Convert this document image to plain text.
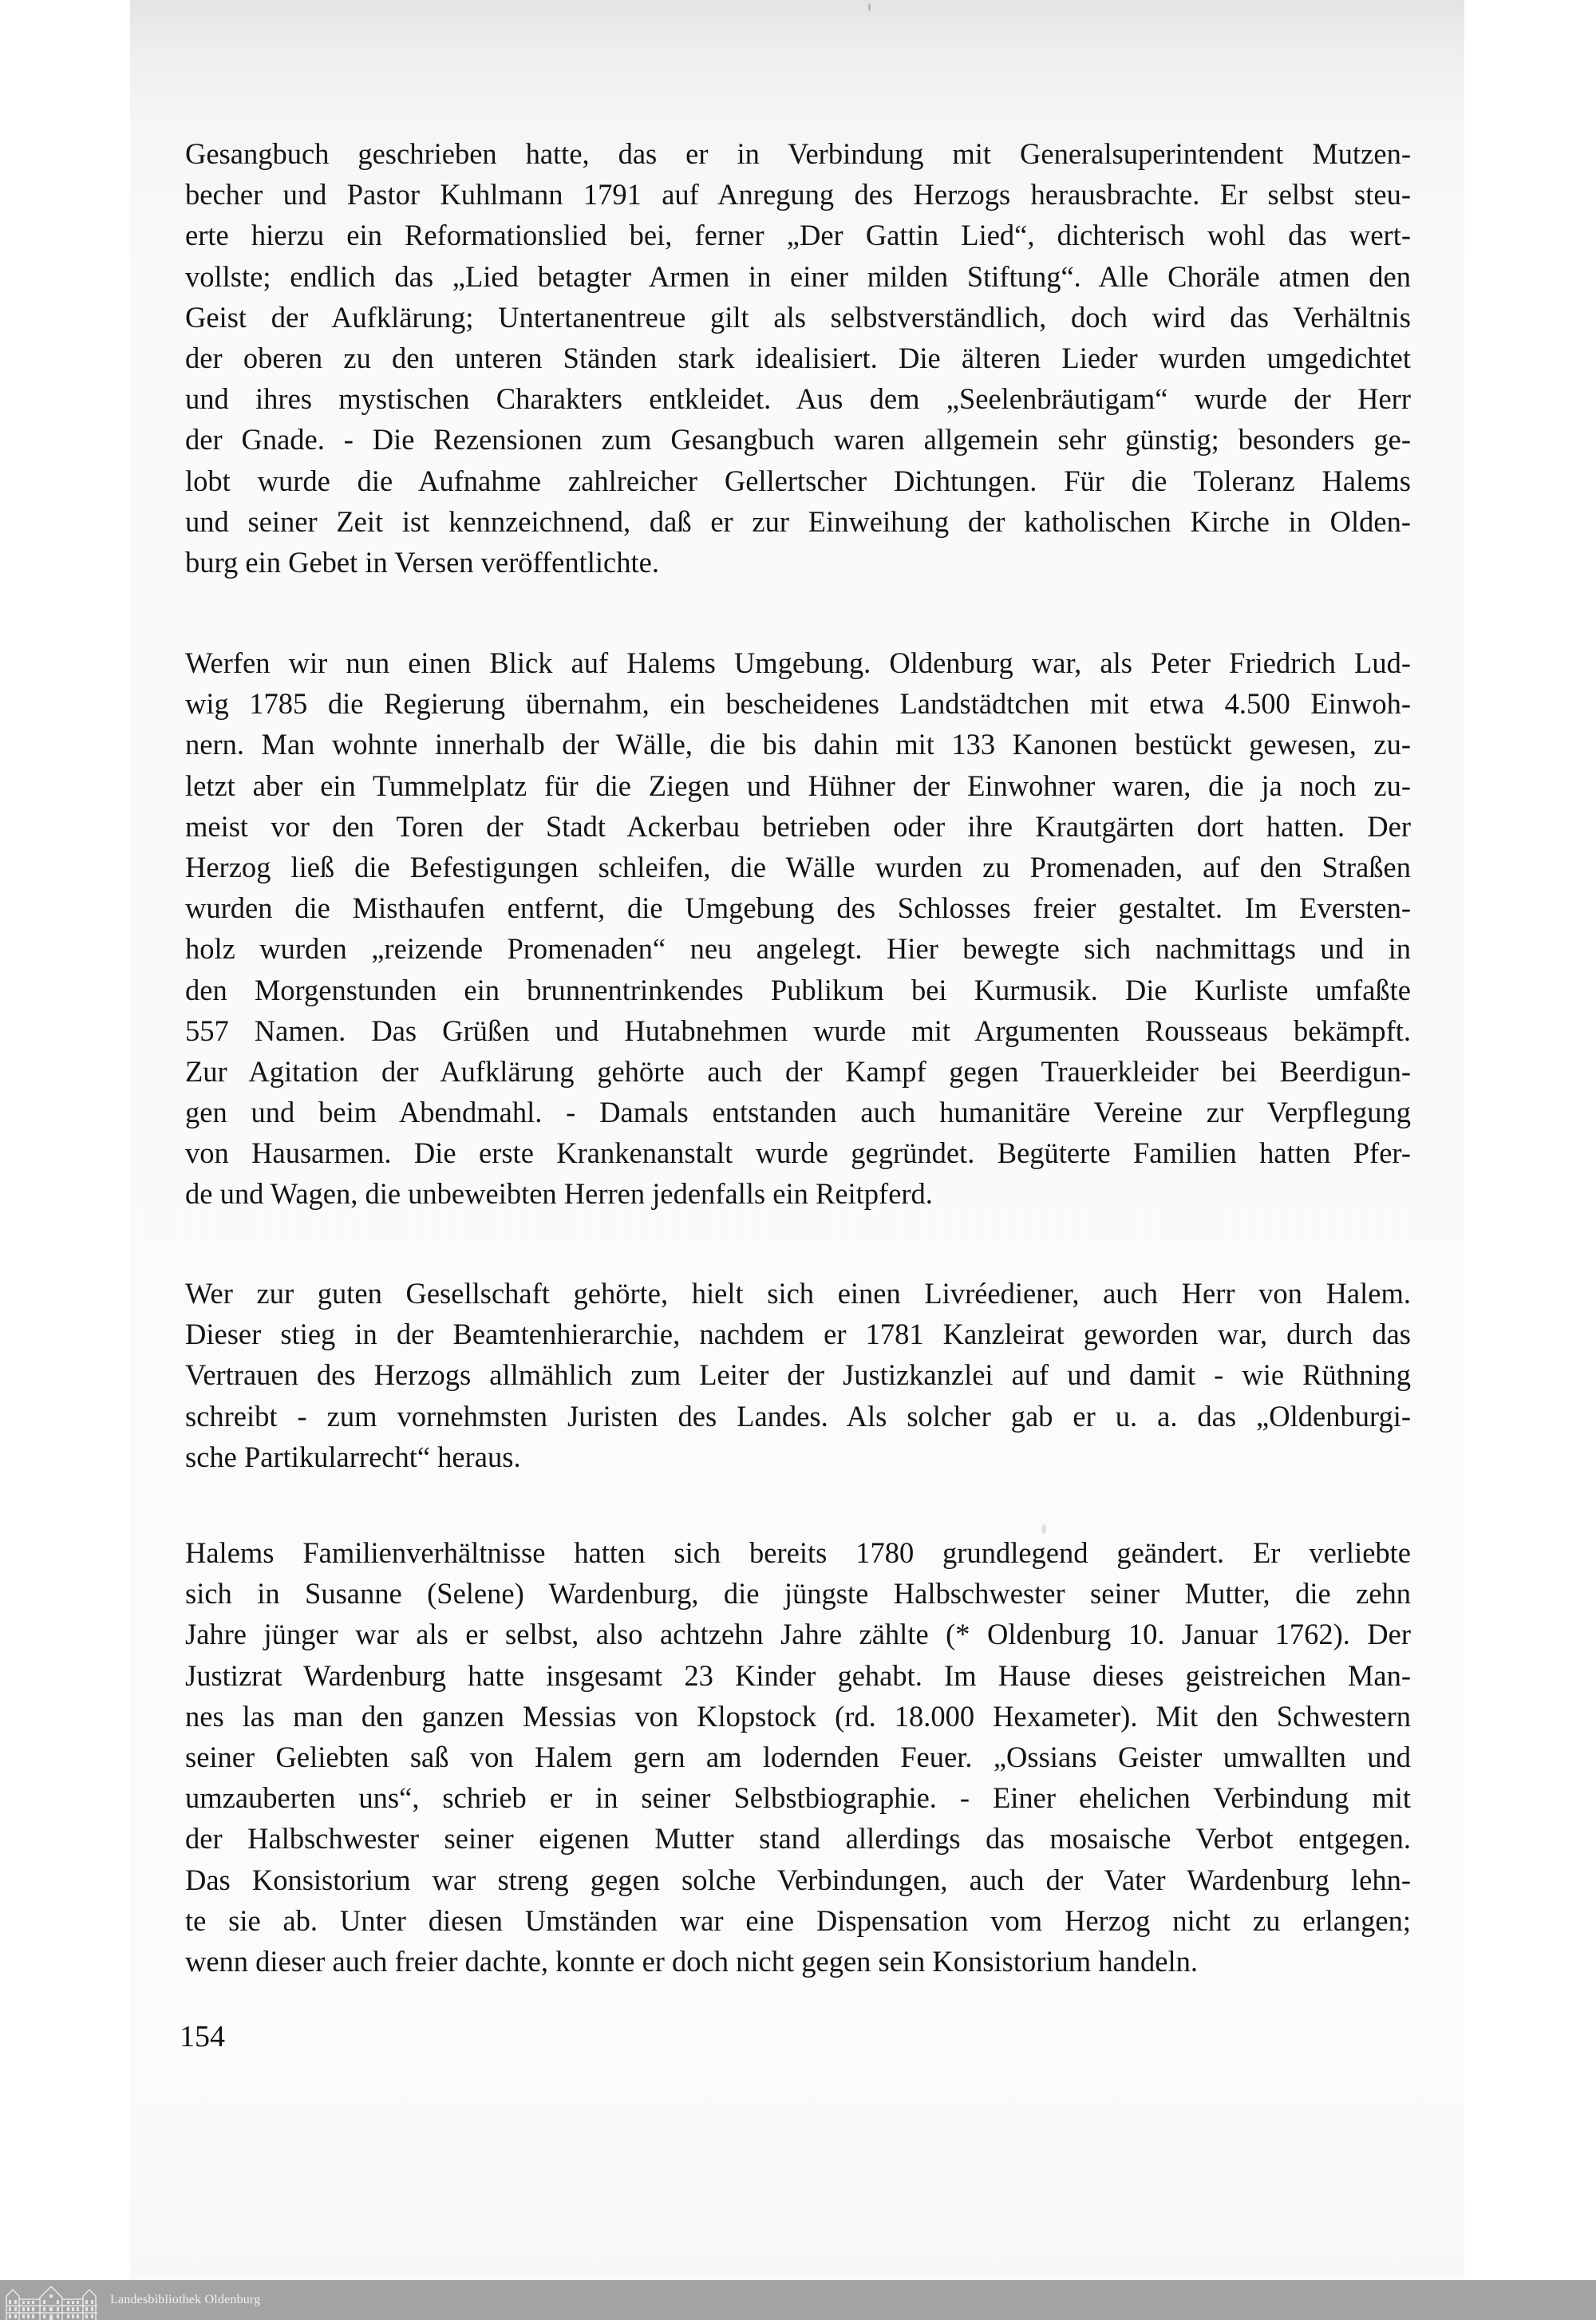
Gesangbuch geschrieben hatte, das er in Verbindung mit Generalsuperintendent Mutzen-
becher und Pastor Kuhlmann 1791 auf Anregung des Herzogs herausbrachte. Er selbst steu-
erte hierzu ein Reformationslied bei, ferner „Der Gattin Lied“, dichterisch wohl das wert-
vollste; endlich das „Lied betagter Armen in einer milden Stiftung“. Alle Choräle atmen den
Geist der Aufklärung; Untertanentreue gilt als selbstverständlich, doch wird das Verhältnis
der oberen zu den unteren Ständen stark idealisiert. Die älteren Lieder wurden umgedichtet
und ihres mystischen Charakters entkleidet. Aus dem „Seelenbräutigam“ wurde der Herr
der Gnade. - Die Rezensionen zum Gesangbuch waren allgemein sehr günstig; besonders ge-
lobt wurde die Aufnahme zahlreicher Gellertscher Dichtungen. Für die Toleranz Halems
und seiner Zeit ist kennzeichnend, daß er zur Einweihung der katholischen Kirche in Olden-
burg ein Gebet in Versen veröffentlichte.
Werfen wir nun einen Blick auf Halems Umgebung. Oldenburg war, als Peter Friedrich Lud-
wig 1785 die Regierung übernahm, ein bescheidenes Landstädtchen mit etwa 4.500 Einwoh-
nern. Man wohnte innerhalb der Wälle, die bis dahin mit 133 Kanonen bestückt gewesen, zu-
letzt aber ein Tummelplatz für die Ziegen und Hühner der Einwohner waren, die ja noch zu-
meist vor den Toren der Stadt Ackerbau betrieben oder ihre Krautgärten dort hatten. Der
Herzog ließ die Befestigungen schleifen, die Wälle wurden zu Promenaden, auf den Straßen
wurden die Misthaufen entfernt, die Umgebung des Schlosses freier gestaltet. Im Eversten-
holz wurden „reizende Promenaden“ neu angelegt. Hier bewegte sich nachmittags und in
den Morgenstunden ein brunnentrinkendes Publikum bei Kurmusik. Die Kurliste umfaßte
557 Namen. Das Grüßen und Hutabnehmen wurde mit Argumenten Rousseaus bekämpft.
Zur Agitation der Aufklärung gehörte auch der Kampf gegen Trauerkleider bei Beerdigun-
gen und beim Abendmahl. - Damals entstanden auch humanitäre Vereine zur Verpflegung
von Hausarmen. Die erste Krankenanstalt wurde gegründet. Begüterte Familien hatten Pfer-
de und Wagen, die unbeweibten Herren jedenfalls ein Reitpferd.
Wer zur guten Gesellschaft gehörte, hielt sich einen Livréediener, auch Herr von Halem.
Dieser stieg in der Beamtenhierarchie, nachdem er 1781 Kanzleirat geworden war, durch das
Vertrauen des Herzogs allmählich zum Leiter der Justizkanzlei auf und damit - wie Rüthning
schreibt - zum vornehmsten Juristen des Landes. Als solcher gab er u. a. das „Oldenburgi-
sche Partikularrecht“ heraus.
Halems Familienverhältnisse hatten sich bereits 1780 grundlegend geändert. Er verliebte
sich in Susanne (Selene) Wardenburg, die jüngste Halbschwester seiner Mutter, die zehn
Jahre jünger war als er selbst, also achtzehn Jahre zählte (* Oldenburg 10. Januar 1762). Der
Justizrat Wardenburg hatte insgesamt 23 Kinder gehabt. Im Hause dieses geistreichen Man-
nes las man den ganzen Messias von Klopstock (rd. 18.000 Hexameter). Mit den Schwestern
seiner Geliebten saß von Halem gern am lodernden Feuer. „Ossians Geister umwallten und
umzauberten uns“, schrieb er in seiner Selbstbiographie. - Einer ehelichen Verbindung mit
der Halbschwester seiner eigenen Mutter stand allerdings das mosaische Verbot entgegen.
Das Konsistorium war streng gegen solche Verbindungen, auch der Vater Wardenburg lehn-
te sie ab. Unter diesen Umständen war eine Dispensation vom Herzog nicht zu erlangen;
wenn dieser auch freier dachte, konnte er doch nicht gegen sein Konsistorium handeln.
154
Landesbibliothek Oldenburg
